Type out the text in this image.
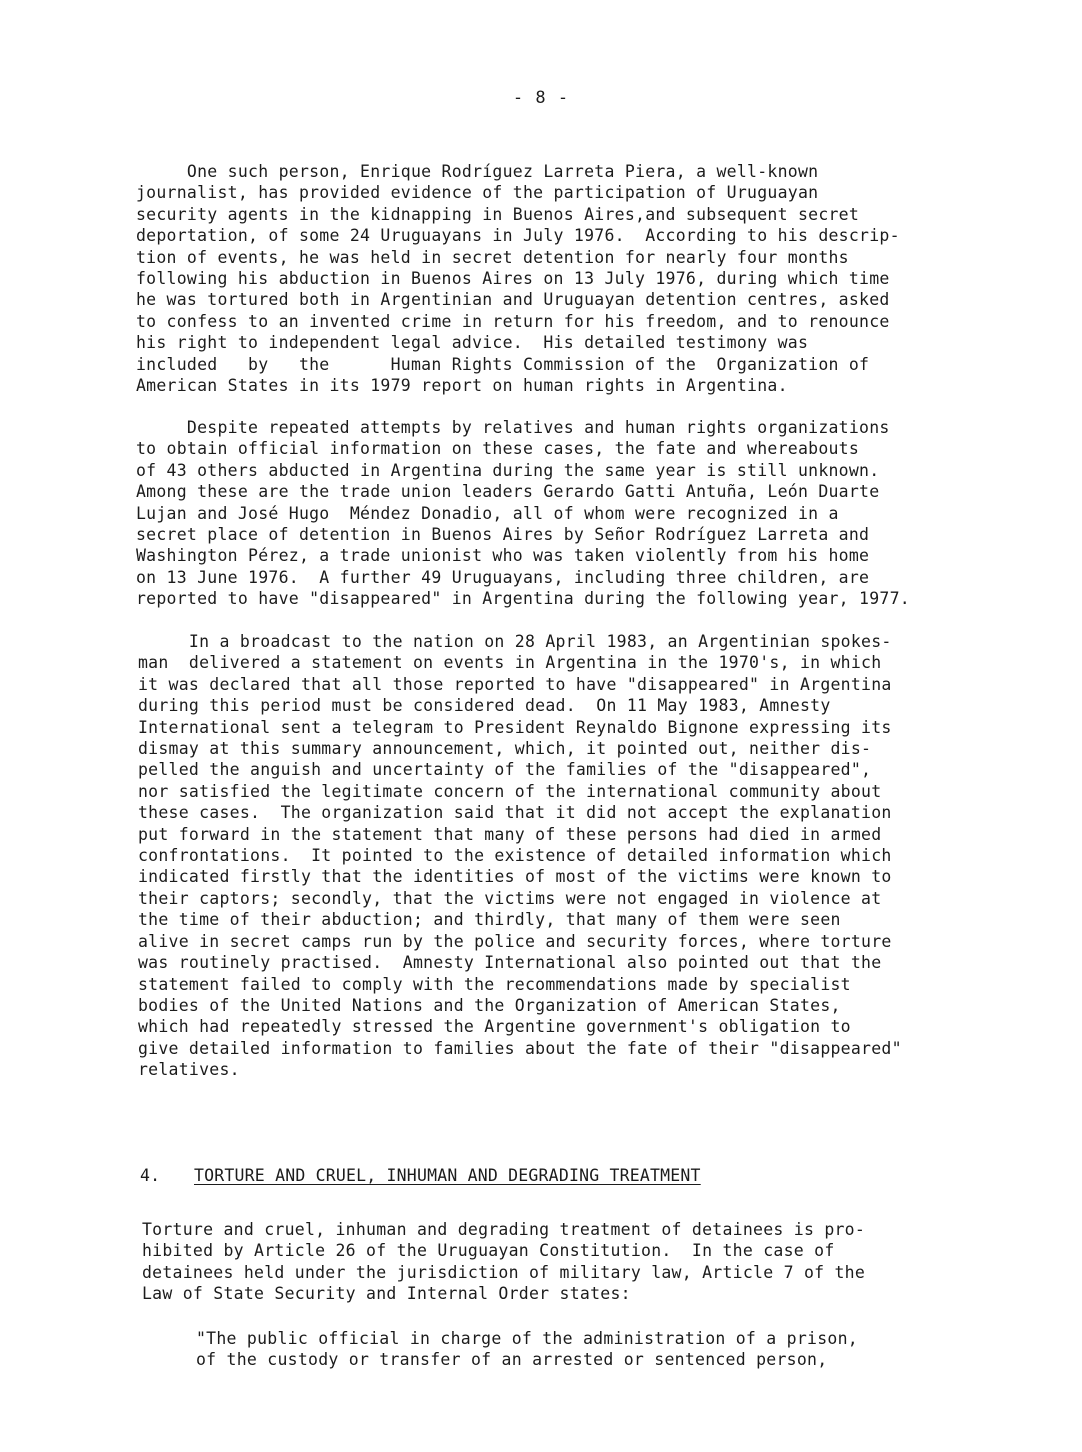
- 8 -

One such person, Enrique Rodríguez Larreta Piera, a well-known
journalist, has provided evidence of the participation of Uruguayan
security agents in the kidnapping in Buenos Aires,and subsequent secret
deportation, of some 24 Uruguayans in July 1976.  According to his descrip-
tion of events, he was held in secret detention for nearly four months
following his abduction in Buenos Aires on 13 July 1976, during which time
he was tortured both in Argentinian and Uruguayan detention centres, asked
to confess to an invented crime in return for his freedom, and to renounce
his right to independent legal advice.  His detailed testimony was
included   by   the      Human Rights Commission of the  Organization of
American States in its 1979 report on human rights in Argentina.

Despite repeated attempts by relatives and human rights organizations
to obtain official information on these cases, the fate and whereabouts
of 43 others abducted in Argentina during the same year is still unknown.
Among these are the trade union leaders Gerardo Gatti Antuña, León Duarte
Lujan and José Hugo  Méndez Donadio, all of whom were recognized in a
secret place of detention in Buenos Aires by Señor Rodríguez Larreta and
Washington Pérez, a trade unionist who was taken violently from his home
on 13 June 1976.  A further 49 Uruguayans, including three children, are
reported to have "disappeared" in Argentina during the following year, 1977.

In a broadcast to the nation on 28 April 1983, an Argentinian spokes-
man  delivered a statement on events in Argentina in the 1970's, in which
it was declared that all those reported to have "disappeared" in Argentina
during this period must be considered dead.  On 11 May 1983, Amnesty
International sent a telegram to President Reynaldo Bignone expressing its
dismay at this summary announcement, which, it pointed out, neither dis-
pelled the anguish and uncertainty of the families of the "disappeared",
nor satisfied the legitimate concern of the international community about
these cases.  The organization said that it did not accept the explanation
put forward in the statement that many of these persons had died in armed
confrontations.  It pointed to the existence of detailed information which
indicated firstly that the identities of most of the victims were known to
their captors; secondly, that the victims were not engaged in violence at
the time of their abduction; and thirdly, that many of them were seen
alive in secret camps run by the police and security forces, where torture
was routinely practised.  Amnesty International also pointed out that the
statement failed to comply with the recommendations made by specialist
bodies of the United Nations and the Organization of American States,
which had repeatedly stressed the Argentine government's obligation to
give detailed information to families about the fate of their "disappeared"
relatives.

4. TORTURE AND CRUEL, INHUMAN AND DEGRADING TREATMENT

Torture and cruel, inhuman and degrading treatment of detainees is pro-
hibited by Article 26 of the Uruguayan Constitution.  In the case of
detainees held under the jurisdiction of military law, Article 7 of the
Law of State Security and Internal Order states:

"The public official in charge of the administration of a prison,
of the custody or transfer of an arrested or sentenced person,
